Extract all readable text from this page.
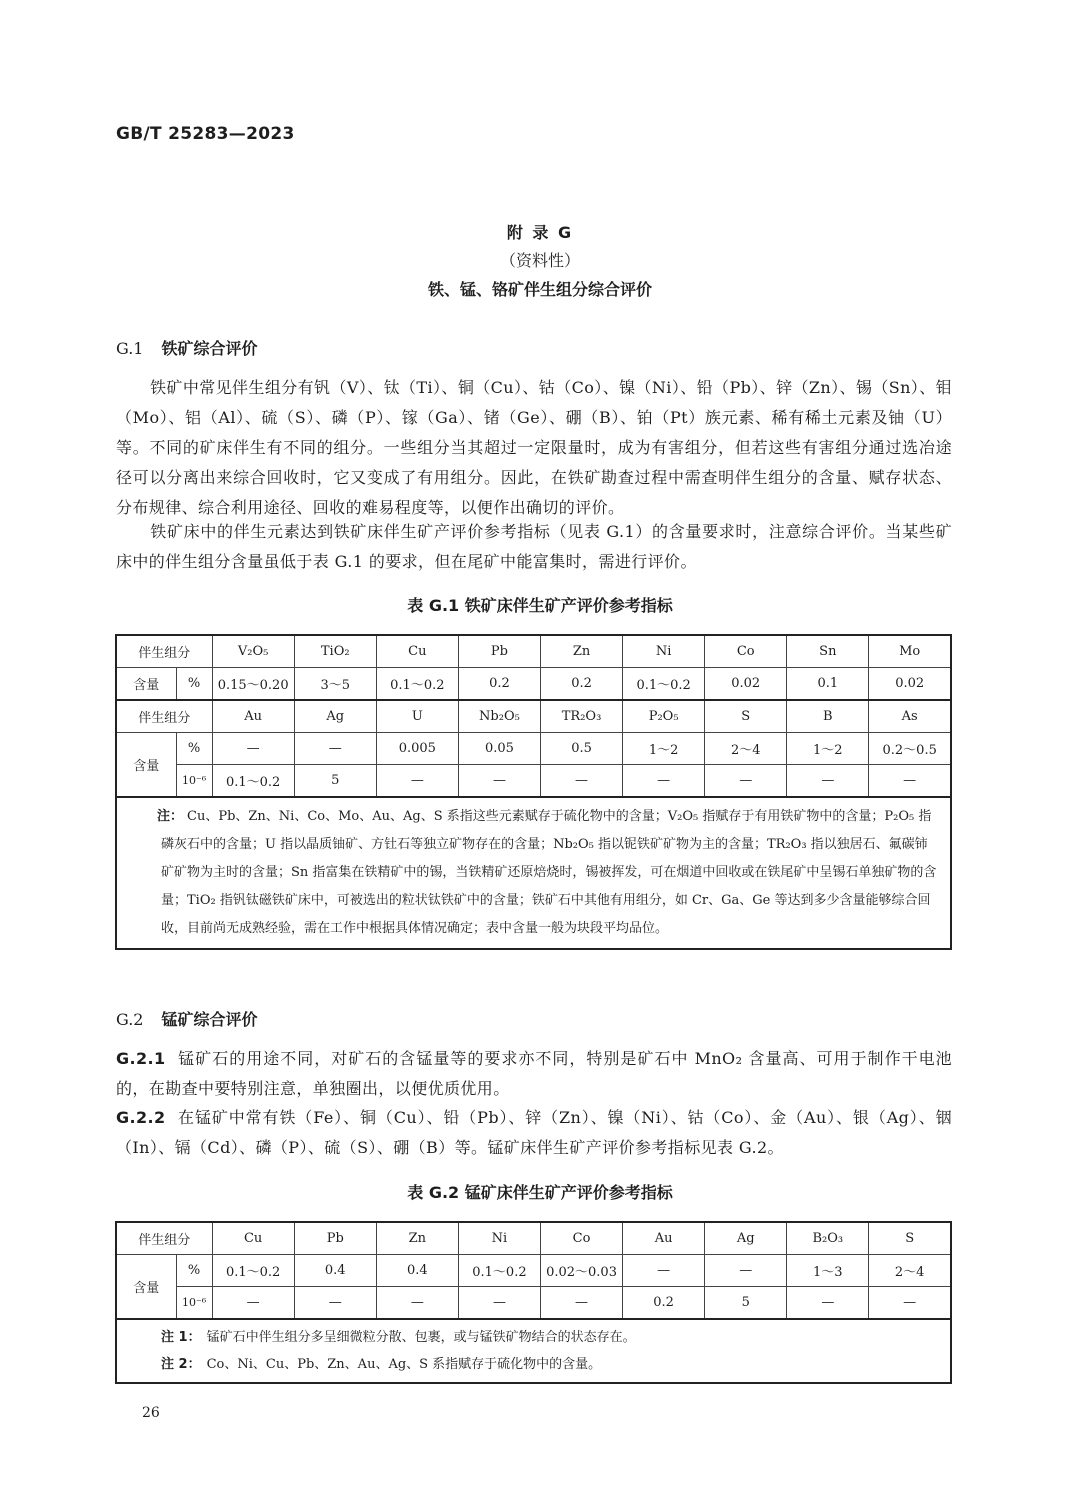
GB/T 25283—2023
附 录 G
（资料性）
铁、锰、铬矿伴生组分综合评价
G.1 铁矿综合评价
铁矿中常见伴生组分有钒（V）、钛（Ti）、铜（Cu）、钴（Co）、镍（Ni）、铅（Pb）、锌（Zn）、锡（Sn）、钼（Mo）、铝（Al）、硫（S）、磷（P）、镓（Ga）、锗（Ge）、硼（B）、铂（Pt）族元素、稀有稀土元素及铀（U）等。不同的矿床伴生有不同的组分。一些组分当其超过一定限量时，成为有害组分，但若这些有害组分通过选冶途径可以分离出来综合回收时，它又变成了有用组分。因此，在铁矿勘查过程中需查明伴生组分的含量、赋存状态、分布规律、综合利用途径、回收的难易程度等，以便作出确切的评价。
铁矿床中的伴生元素达到铁矿床伴生矿产评价参考指标（见表 G.1）的含量要求时，注意综合评价。当某些矿床中的伴生组分含量虽低于表 G.1 的要求，但在尾矿中能富集时，需进行评价。
表 G.1 铁矿床伴生矿产评价参考指标
伴生组分		V₂O₅	TiO₂	Cu	Pb	Zn	Ni	Co	Sn	Mo
含量	%	0.15～0.20	3～5	0.1～0.2	0.2	0.2	0.1～0.2	0.02	0.1	0.02
伴生组分		Au	Ag	U	Nb₂O₅	TR₂O₃	P₂O₅	S	B	As
含量	%	—	—	0.005	0.05	0.5	1～2	2～4	1～2	0.2～0.5
	10⁻⁶	0.1～0.2	5	—	—	—	—	—	—	—
注： Cu、Pb、Zn、Ni、Co、Mo、Au、Ag、S 系指这些元素赋存于硫化物中的含量；V₂O₅ 指赋存于有用铁矿物中的含量；P₂O₅ 指磷灰石中的含量；U 指以晶质铀矿、方钍石等独立矿物存在的含量；Nb₂O₅ 指以铌铁矿矿物为主的含量；TR₂O₃ 指以独居石、氟碳铈矿矿物为主时的含量；Sn 指富集在铁精矿中的锡，当铁精矿还原焙烧时，锡被挥发，可在烟道中回收或在铁尾矿中呈锡石单独矿物的含量；TiO₂ 指钒钛磁铁矿床中，可被选出的粒状钛铁矿中的含量；铁矿石中其他有用组分，如 Cr、Ga、Ge 等达到多少含量能够综合回收，目前尚无成熟经验，需在工作中根据具体情况确定；表中含量一般为块段平均品位。										
G.2 锰矿综合评价
G.2.1 锰矿石的用途不同，对矿石的含锰量等的要求亦不同，特别是矿石中 MnO₂ 含量高、可用于制作干电池的，在勘查中要特别注意，单独圈出，以便优质优用。
G.2.2 在锰矿中常有铁（Fe）、铜（Cu）、铅（Pb）、锌（Zn）、镍（Ni）、钴（Co）、金（Au）、银（Ag）、铟（In）、镉（Cd）、磷（P）、硫（S）、硼（B）等。锰矿床伴生矿产评价参考指标见表 G.2。
表 G.2 锰矿床伴生矿产评价参考指标
伴生组分		Cu	Pb	Zn	Ni	Co	Au	Ag	B₂O₃	S
含量	%	0.1～0.2	0.4	0.4	0.1～0.2	0.02～0.03	—	—	1～3	2～4
	10⁻⁶	—	—	—	—	—	0.2	5	—	—

注 1： 锰矿石中伴生组分多呈细微粒分散、包裹，或与锰铁矿物结合的状态存在。
注 2： Co、Ni、Cu、Pb、Zn、Au、Ag、S 系指赋存于硫化物中的含量。										
26
